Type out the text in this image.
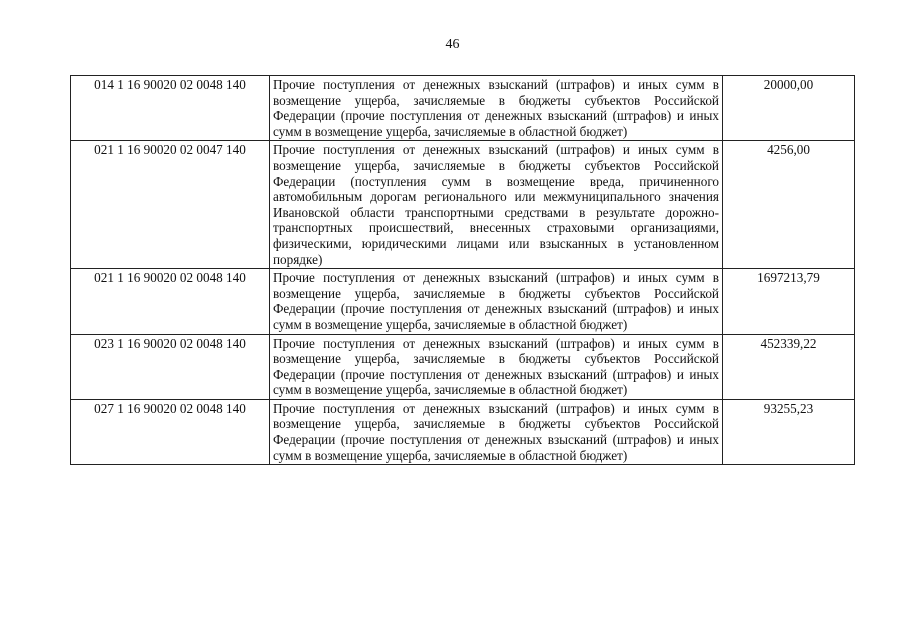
46
014 1 16 90020 02 0048 140	Прочие поступления от денежных взысканий (штрафов) и иных сумм в возмещение ущерба, зачисляемые в бюджеты субъектов Российской Федерации (прочие поступления от денежных взысканий (штрафов) и иных сумм в возмещение ущерба, зачисляемые в областной бюджет)	20000,00
021 1 16 90020 02 0047 140	Прочие поступления от денежных взысканий (штрафов) и иных сумм в возмещение ущерба, зачисляемые в бюджеты субъектов Российской Федерации (поступления сумм в возмещение вреда, причиненного автомобильным дорогам регионального или межмуниципального значения Ивановской области транспортными средствами в результате дорожно-транспортных происшествий, внесенных страховыми организациями, физическими, юридическими лицами или взысканных в установленном порядке)	4256,00
021 1 16 90020 02 0048 140	Прочие поступления от денежных взысканий (штрафов) и иных сумм в возмещение ущерба, зачисляемые в бюджеты субъектов Российской Федерации (прочие поступления от денежных взысканий (штрафов) и иных сумм в возмещение ущерба, зачисляемые в областной бюджет)	1697213,79
023 1 16 90020 02 0048 140	Прочие поступления от денежных взысканий (штрафов) и иных сумм в возмещение ущерба, зачисляемые в бюджеты субъектов Российской Федерации (прочие поступления от денежных взысканий (штрафов) и иных сумм в возмещение ущерба, зачисляемые в областной бюджет)	452339,22
027 1 16 90020 02 0048 140	Прочие поступления от денежных взысканий (штрафов) и иных сумм в возмещение ущерба, зачисляемые в бюджеты субъектов Российской Федерации (прочие поступления от денежных взысканий (штрафов) и иных сумм в возмещение ущерба, зачисляемые в областной бюджет)	93255,23
